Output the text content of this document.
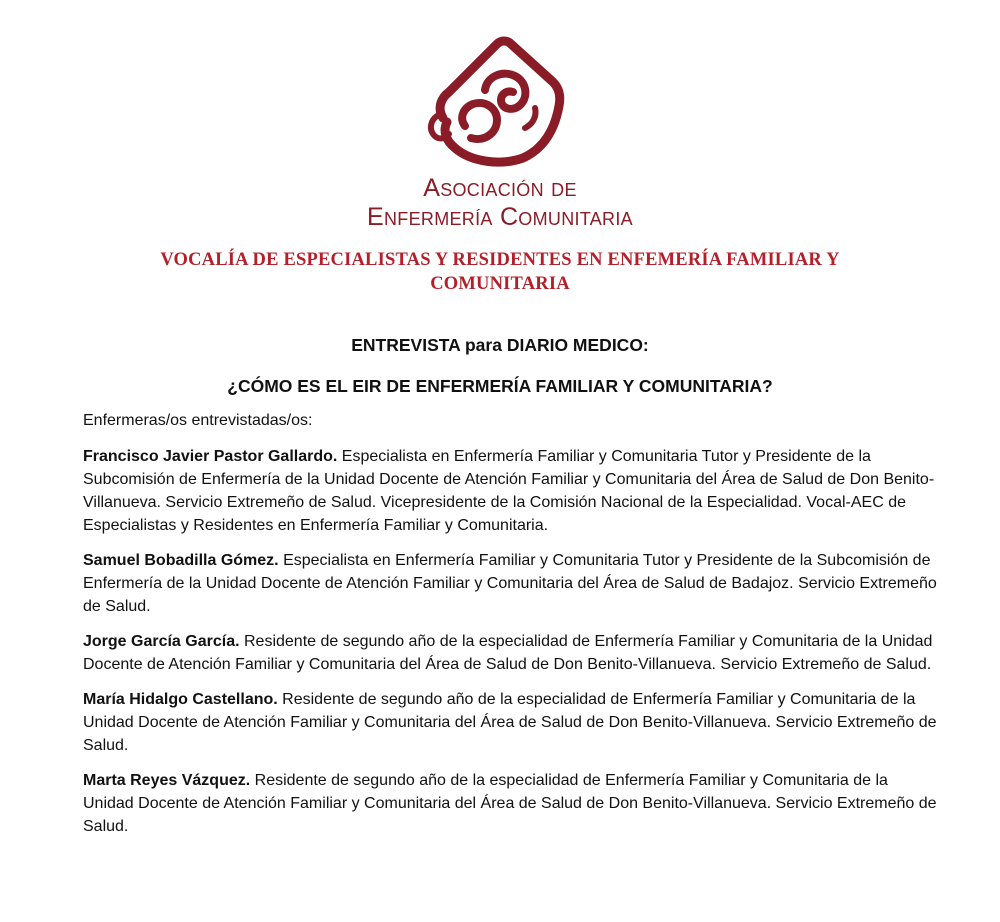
Asociación de
Enfermería Comunitaria
VOCALÍA DE ESPECIALISTAS Y RESIDENTES EN ENFEMERÍA FAMILIAR Y
COMUNITARIA
ENTREVISTA para DIARIO MEDICO:
¿CÓMO ES EL EIR DE ENFERMERÍA FAMILIAR Y COMUNITARIA?
Enfermeras/os entrevistadas/os:
Francisco Javier Pastor Gallardo. Especialista en Enfermería Familiar y Comunitaria Tutor y Presidente de la Subcomisión de Enfermería de la Unidad Docente de Atención Familiar y Comunitaria del Área de Salud de Don Benito-Villanueva. Servicio Extremeño de Salud. Vicepresidente de la Comisión Nacional de la Especialidad. Vocal-AEC de Especialistas y Residentes en Enfermería Familiar y Comunitaria.
Samuel Bobadilla Gómez. Especialista en Enfermería Familiar y Comunitaria Tutor y Presidente de la Subcomisión de Enfermería de la Unidad Docente de Atención Familiar y Comunitaria del Área de Salud de Badajoz. Servicio Extremeño de Salud.
Jorge García García. Residente de segundo año de la especialidad de Enfermería Familiar y Comunitaria de la Unidad Docente de Atención Familiar y Comunitaria del Área de Salud de Don Benito-Villanueva. Servicio Extremeño de Salud.
María Hidalgo Castellano. Residente de segundo año de la especialidad de Enfermería Familiar y Comunitaria de la Unidad Docente de Atención Familiar y Comunitaria del Área de Salud de Don Benito-Villanueva. Servicio Extremeño de Salud.
Marta Reyes Vázquez. Residente de segundo año de la especialidad de Enfermería Familiar y Comunitaria de la Unidad Docente de Atención Familiar y Comunitaria del Área de Salud de Don Benito-Villanueva. Servicio Extremeño de Salud.
